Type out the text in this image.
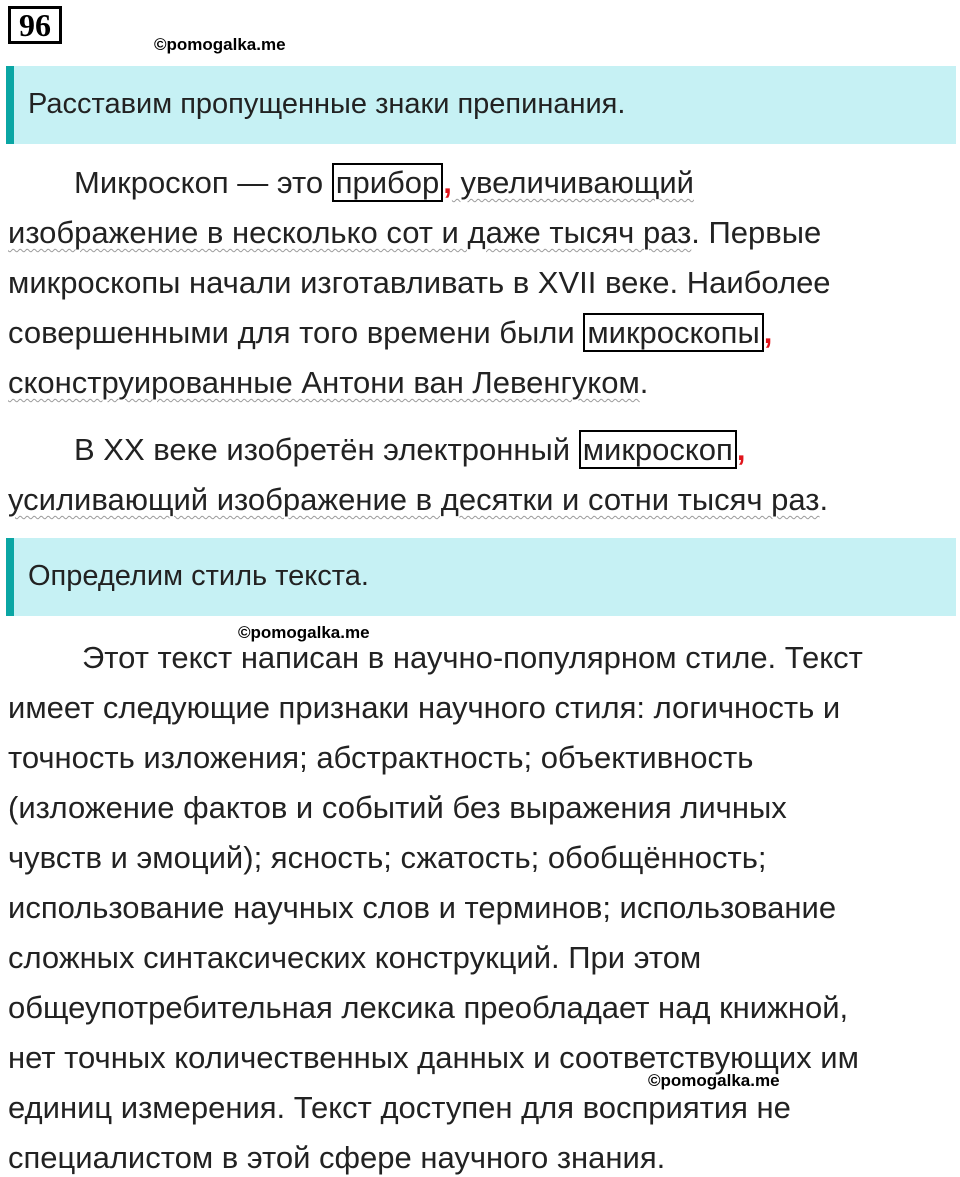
96
©pomogalka.me
Расставим пропущенные знаки препинания.
Микроскоп — это прибор , увеличивающий
изображение в несколько сот и даже тысяч раз. Первые
микроскопы начали изготавливать в XVII веке. Наиболее
совершенными для того времени были микроскопы ,
сконструированные Антони ван Левенгуком.
В XX веке изобретён электронный микроскоп ,
усиливающий изображение в десятки и сотни тысяч раз.
Определим стиль текста.
©pomogalka.me
Этот текст написан в научно-популярном стиле. Текст
имеет следующие признаки научного стиля: логичность и
точность изложения; абстрактность; объективность
(изложение фактов и событий без выражения личных
чувств и эмоций); ясность; сжатость; обобщённость;
использование научных слов и терминов; использование
сложных синтаксических конструкций. При этом
общеупотребительная лексика преобладает над книжной,
нет точных количественных данных и соответствующих им
единиц измерения. Текст доступен для восприятия не
специалистом в этой сфере научного знания.
©pomogalka.me
